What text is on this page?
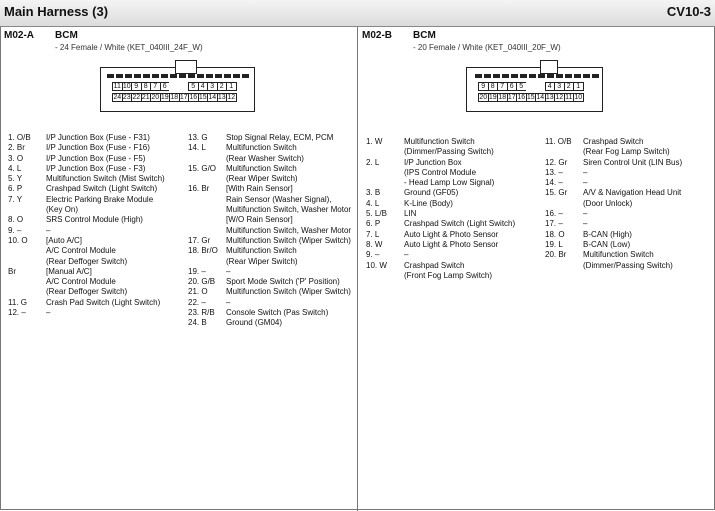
Main Harness (3)	CV10-3
M02-A BCM
- 24 Female / White (KET_040III_24F_W)
11 10 9 8 7 6	5 4 3 2 1
24 23 22 21 20 19 18 17 16 15 14 13 12
1. O/B	I/P Junction Box (Fuse - F31)
2. Br	I/P Junction Box (Fuse - F16)
3. O	I/P Junction Box (Fuse - F5)
4. L	I/P Junction Box (Fuse - F3)
5. Y	Multifunction Switch (Mist Switch)
6. P	Crashpad Switch (Light Switch)
7. Y	Electric Parking Brake Module
(Key On)
8. O	SRS Control Module (High)
9. –	–
10. O	[Auto A/C]
A/C Control Module
(Rear Deffoger Switch)
Br	[Manual A/C]
A/C Control Module
(Rear Deffoger Switch)
11. G	Crash Pad Switch (Light Switch)
12. –	–
13. G	Stop Signal Relay, ECM, PCM
14. L	Multifunction Switch
(Rear Washer Switch)
15. G/O	Multifunction Switch
(Rear Wiper Switch)
16. Br	[With Rain Sensor]
Rain Sensor (Washer Signal),
Multifunction Switch, Washer Motor
[W/O Rain Sensor]
Multifunction Switch, Washer Motor
17. Gr	Multifunction Switch (Wiper Switch)
18. Br/O	Multifunction Switch
(Rear Wiper Switch)
19. –	–
20. G/B	Sport Mode Switch ('P' Position)
21. O	Multifunction Switch (Wiper Switch)
22. –	–
23. R/B	Console Switch (Pas Switch)
24. B	Ground (GM04)
M02-B BCM
- 20 Female / White (KET_040III_20F_W)
9 8 7 6 5	4 3 2 1
20 19 18 17 16 15 14 13 12 11 10
1. W	Multifunction Switch
(Dimmer/Passing Switch)
2. L	I/P Junction Box
(IPS Control Module
- Head Lamp Low Signal)
3. B	Ground (GF05)
4. L	K-Line (Body)
5. L/B	LIN
6. P	Crashpad Switch (Light Switch)
7. L	Auto Light & Photo Sensor
8. W	Auto Light & Photo Sensor
9. –	–
10. W	Crashpad Switch
(Front Fog Lamp Switch)
11. O/B	Crashpad Switch
(Rear Fog Lamp Switch)
12. Gr	Siren Control Unit (LIN Bus)
13. –	–
14. –	–
15. Gr	A/V & Navigation Head Unit
(Door Unlock)
16. –	–
17. –	–
18. O	B-CAN (High)
19. L	B-CAN (Low)
20. Br	Multifunction Switch
(Dimmer/Passing Switch)
